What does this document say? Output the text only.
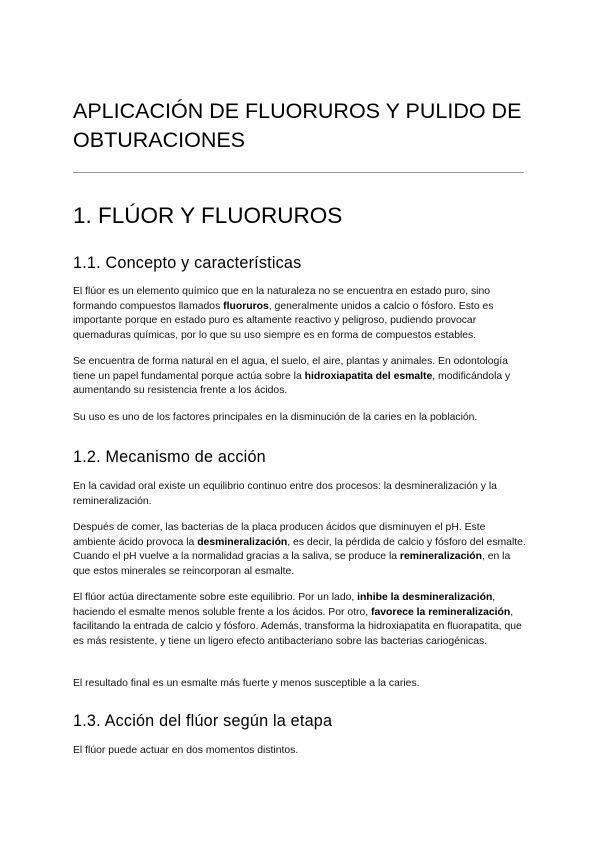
APLICACIÓN DE FLUORUROS Y PULIDO DE OBTURACIONES
1. FLÚOR Y FLUORUROS
1.1. Concepto y características

El flúor es un elemento químico que en la naturaleza no se encuentra en estado puro, sino formando compuestos llamados fluoruros, generalmente unidos a calcio o fósforo. Esto es importante porque en estado puro es altamente reactivo y peligroso, pudiendo provocar quemaduras químicas, por lo que su uso siempre es en forma de compuestos estables.

Se encuentra de forma natural en el agua, el suelo, el aire, plantas y animales. En odontología tiene un papel fundamental porque actúa sobre la hidroxiapatita del esmalte, modificándola y aumentando su resistencia frente a los ácidos.

Su uso es uno de los factores principales en la disminución de la caries en la población.

1.2. Mecanismo de acción

En la cavidad oral existe un equilibrio continuo entre dos procesos: la desmineralización y la remineralización.

Después de comer, las bacterias de la placa producen ácidos que disminuyen el pH. Este ambiente ácido provoca la desmineralización, es decir, la pérdida de calcio y fósforo del esmalte. Cuando el pH vuelve a la normalidad gracias a la saliva, se produce la remineralización, en la que estos minerales se reincorporan al esmalte.

El flúor actúa directamente sobre este equilibrio. Por un lado, inhibe la desmineralización, haciendo el esmalte menos soluble frente a los ácidos. Por otro, favorece la remineralización, facilitando la entrada de calcio y fósforo. Además, transforma la hidroxiapatita en fluorapatita, que es más resistente, y tiene un ligero efecto antibacteriano sobre las bacterias cariogénicas.

El resultado final es un esmalte más fuerte y menos susceptible a la caries.

1.3. Acción del flúor según la etapa

El flúor puede actuar en dos momentos distintos.
